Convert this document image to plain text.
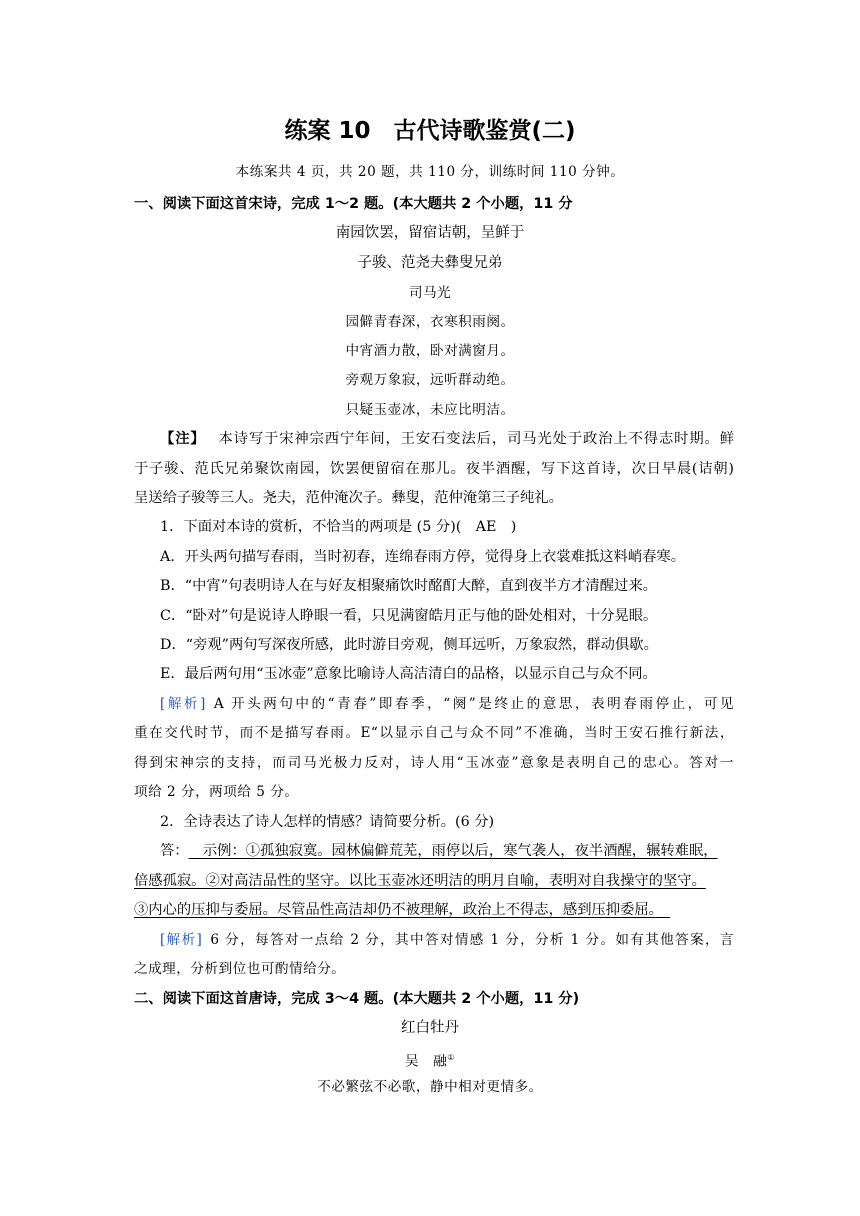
练案 10　古代诗歌鉴赏(二)
本练案共 4 页，共 20 题，共 110 分，训练时间 110 分钟。
一、阅读下面这首宋诗，完成 1～2 题。(本大题共 2 个小题，11 分
南园饮罢，留宿诘朝，呈鲜于
子骏、范尧夫彝叟兄弟
司马光
园僻青春深，衣寒积雨阕。
中宵酒力散，卧对满窗月。
旁观万象寂，远听群动绝。
只疑玉壶冰，未应比明洁。
【注】 本诗写于宋神宗西宁年间，王安石变法后，司马光处于政治上不得志时期。鲜
于子骏、范氏兄弟聚饮南园，饮罢便留宿在那儿。夜半酒醒，写下这首诗，次日早晨(诘朝)
呈送给子骏等三人。尧夫，范仲淹次子。彝叟，范仲淹第三子纯礼。
1．下面对本诗的赏析，不恰当的两项是 (5 分)(　AE　)
A．开头两句描写春雨，当时初春，连绵春雨方停，觉得身上衣裳难抵这料峭春寒。
B．“中宵”句表明诗人在与好友相聚痛饮时酩酊大醉，直到夜半方才清醒过来。
C．“卧对”句是说诗人睁眼一看，只见满窗皓月正与他的卧处相对，十分晃眼。
D．“旁观”两句写深夜所感，此时游目旁观，侧耳远听，万象寂然，群动俱歇。
E．最后两句用“玉冰壶”意象比喻诗人高洁清白的品格，以显示自己与众不同。
[解析] A 开头两句中的“青春”即春季，“阕”是终止的意思，表明春雨停止，可见
重在交代时节，而不是描写春雨。E“以显示自己与众不同”不准确，当时王安石推行新法，
得到宋神宗的支持，而司马光极力反对，诗人用“玉冰壶”意象是表明自己的忠心。答对一
项给 2 分，两项给 5 分。
2．全诗表达了诗人怎样的情感？请简要分析。(6 分)
答：​　示例：①孤独寂寞。园林偏僻荒芜，雨停以后，寒气袭人，夜半酒醒，辗转难眠，
倍感孤寂。②对高洁品性的坚守。以比玉壶冰还明洁的明月自喻，表明对自我操守的坚守。
③内心的压抑与委屈。尽管品性高洁却仍不被理解，政治上不得志，感到压抑委屈。　
[解析] 6 分，每答对一点给 2 分，其中答对情感 1 分，分析 1 分。如有其他答案，言
之成理，分析到位也可酌情给分。
二、阅读下面这首唐诗，完成 3～4 题。(本大题共 2 个小题，11 分)
红白牡丹
吴　融①
不必繁弦不必歌，静中相对更情多。
